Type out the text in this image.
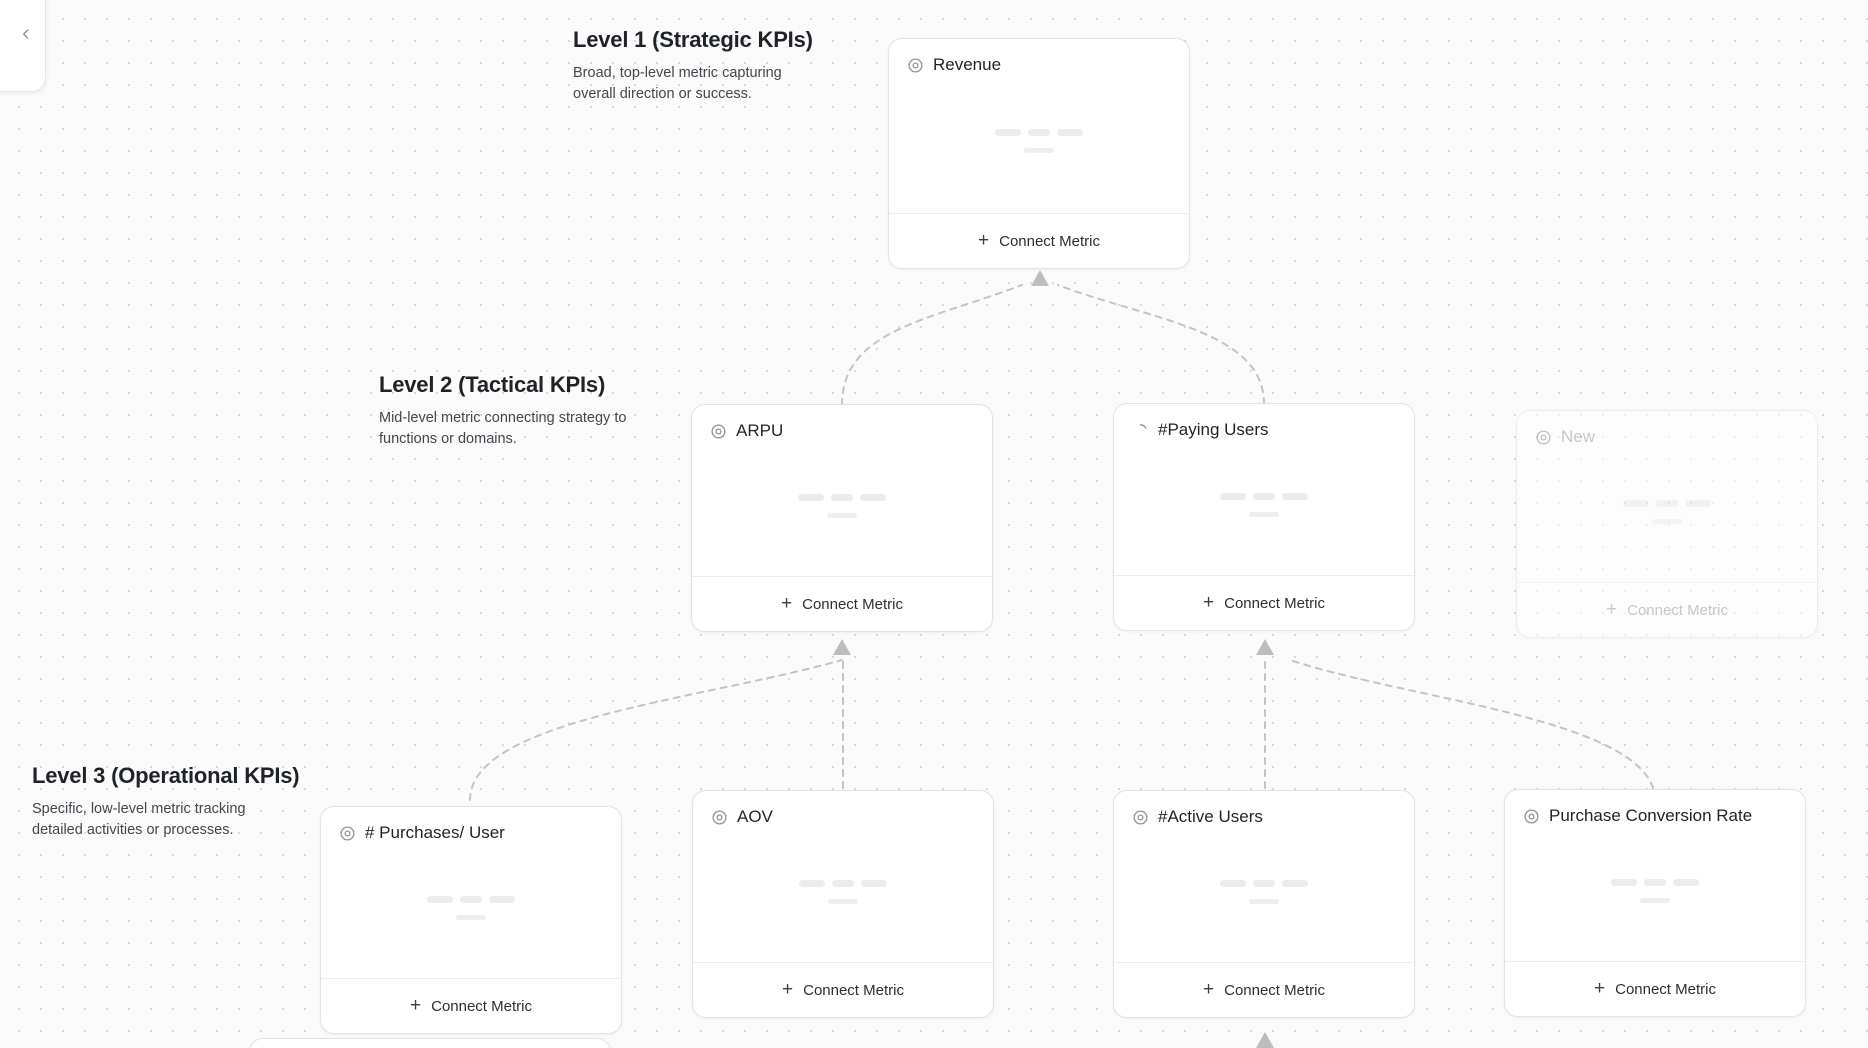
Level 1 (Strategic KPIs)
Broad, top-level metric capturing overall direction or success.
Level 2 (Tactical KPIs)
Mid-level metric connecting strategy to functions or domains.
Level 3 (Operational KPIs)
Specific, low-level metric tracking detailed activities or processes.
Revenue
+ Connect Metric
ARPU
+ Connect Metric
#Paying Users
+ Connect Metric
New
+ Connect Metric
# Purchases/ User
+ Connect Metric
AOV
+ Connect Metric
#Active Users
+ Connect Metric
Purchase Conversion Rate
+ Connect Metric
